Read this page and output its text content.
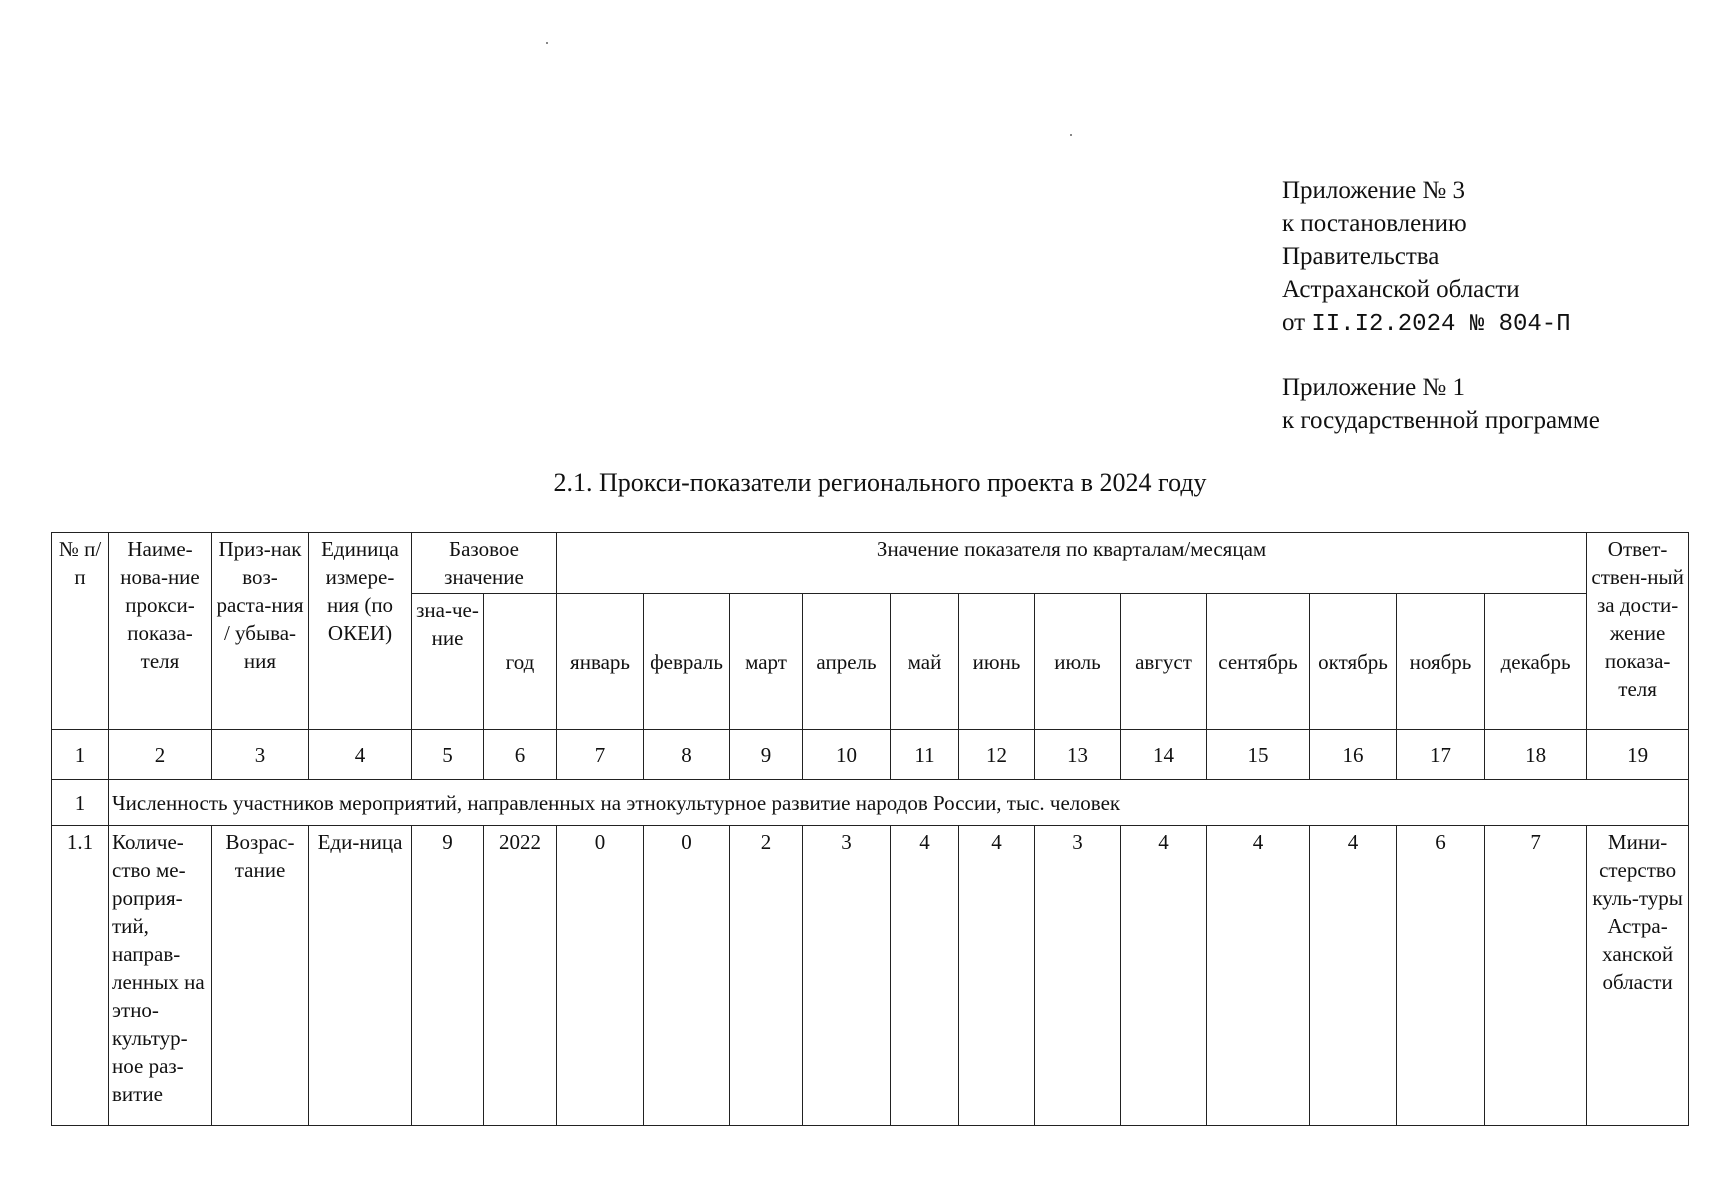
Приложение № 3
к постановлению
Правительства
Астраханской области
от II.I2.2024 № 804-П
Приложение № 1
к государственной программе
2.1. Прокси-показатели регионального проекта в 2024 году
№ п/п	Наиме-нова-ние прокси-показа-теля	Приз-нак воз-раста-ния / убыва-ния	Единица измере-ния (по ОКЕИ)	Базовое значение		Значение показателя по кварталам/месяцам												Ответ-ствен-ный за дости-жение показа-теля
				зна-че-ние	год	январь	февраль	март	апрель	май	июнь	июль	август	сентябрь	октябрь	ноябрь	декабрь	
1	2	3	4	5	6	7	8	9	10	11	12	13	14	15	16	17	18	19
1	Численность участников мероприятий, направленных на этнокультурное развитие народов России, тыс. человек																	
1.1	Количе-ство ме-роприя-тий, направ-ленных на этно-культур-ное раз-витие	Возрас-тание	Еди-ница	9	2022	0	0	2	3	4	4	3	4	4	4	6	7	Мини-стерство куль-туры Астра-ханской области
